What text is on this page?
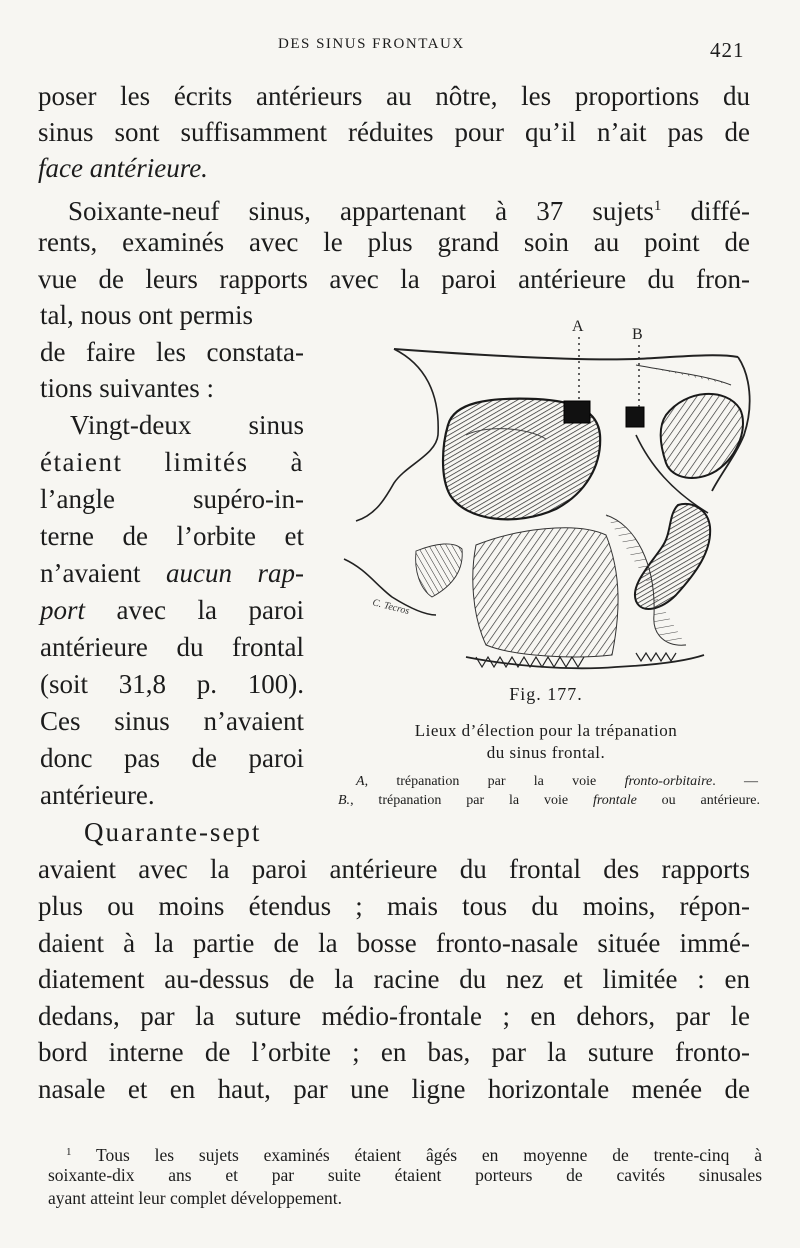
DES SINUS FRONTAUX	421
poser les écrits antérieurs au nôtre, les proportions du
sinus sont suffisamment réduites pour qu’il n’ait pas de
face antérieure.
Soixante-neuf sinus, appartenant à 37 sujets$^1$ diffé-
rents, examinés avec le plus grand soin au point de
vue de leurs rapports avec la paroi antérieure du fron-
tal, nous ont permis
de faire les constata-
tions suivantes :
Vingt-deux sinus
étaient limités à
l’angle supéro-in-
terne de l’orbite et
n’avaient aucun rap-
port avec la paroi
antérieure du frontal
(soit 31,8 p. 100).
Ces sinus n’avaient
donc pas de paroi
antérieure.
Quarante-sept
avaient avec la paroi antérieure du frontal des rapports
plus ou moins étendus ; mais tous du moins, répon-
daient à la partie de la bosse fronto-nasale située immé-
diatement au-dessus de la racine du nez et limitée : en
dedans, par la suture médio-frontale ; en dehors, par le
bord interne de l’orbite ; en bas, par la suture fronto-
nasale et en haut, par une ligne horizontale menée de
A	B
C. Tecros
Fig. 177.
Lieux d’élection pour la trépanation
du sinus frontal.
A, trépanation par la voie fronto-orbitaire. —
B., trépanation par la voie frontale ou antérieure.
$^1$ Tous les sujets examinés étaient âgés en moyenne de trente-cinq à
soixante-dix ans et par suite étaient porteurs de cavités sinusales
ayant atteint leur complet développement.
